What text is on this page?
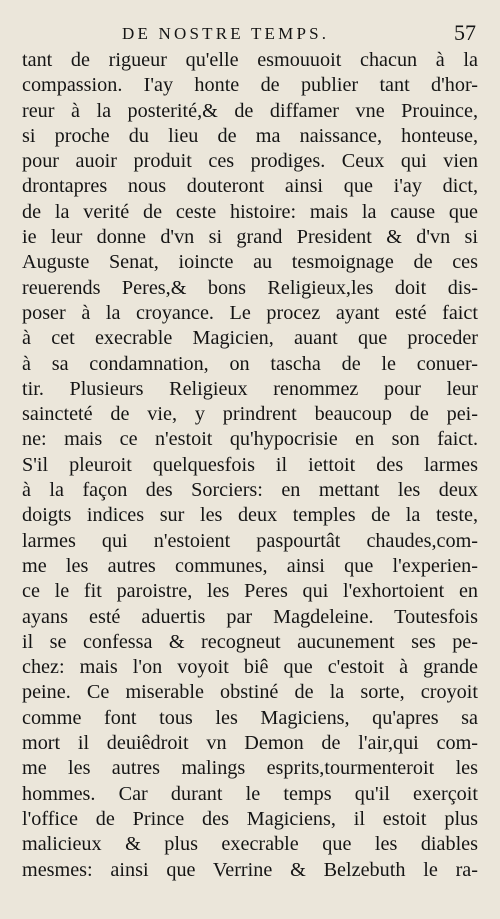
DE NOSTRE TEMPS.	57
tant de rigueur qu'elle esmouuoit chacun à la
compassion. I'ay honte de publier tant d'hor-
reur à la posterité,& de diffamer vne Prouince,
si proche du lieu de ma naissance, honteuse,
pour auoir produit ces prodiges. Ceux qui vien
drontapres nous douteront ainsi que i'ay dict,
de la verité de ceste histoire: mais la cause que
ie leur donne d'vn si grand President & d'vn si
Auguste Senat, ioincte au tesmoignage de ces
reuerends Peres,& bons Religieux,les doit dis-
poser à la croyance. Le procez ayant esté faict
à cet execrable Magicien, auant que proceder
à sa condamnation, on tascha de le conuer-
tir. Plusieurs Religieux renommez pour leur
saincteté de vie, y prindrent beaucoup de pei-
ne: mais ce n'estoit qu'hypocrisie en son faict.
S'il pleuroit quelquesfois il iettoit des larmes
à la façon des Sorciers: en mettant les deux
doigts indices sur les deux temples de la teste,
larmes qui n'estoient paspourtât chaudes,com-
me les autres communes, ainsi que l'experien-
ce le fit paroistre, les Peres qui l'exhortoient en
ayans esté aduertis par Magdeleine. Toutesfois
il se confessa & recogneut aucunement ses pe-
chez: mais l'on voyoit biê que c'estoit à grande
peine. Ce miserable obstiné de la sorte, croyoit
comme font tous les Magiciens, qu'apres sa
mort il deuiêdroit vn Demon de l'air,qui com-
me les autres malings esprits,tourmenteroit les
hommes. Car durant le temps qu'il exerçoit
l'office de Prince des Magiciens, il estoit plus
malicieux & plus execrable que les diables
mesmes: ainsi que Verrine & Belzebuth le ra-
